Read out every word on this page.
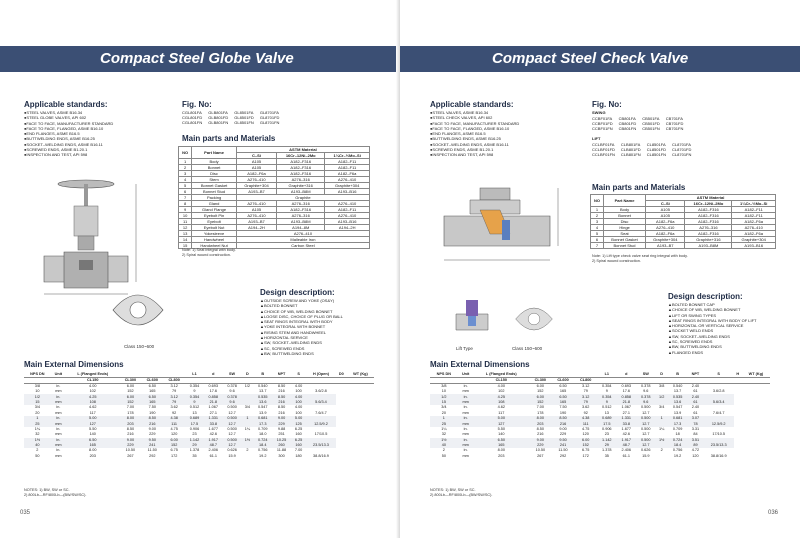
Compact Steel Globe Valve
Applicable standards:
●STEEL VALVES, ASME B16.34
●STEEL GLOBE VALVES, API 602
●FACE TO FACE, MANUFACTURER STANDARD
●FACE TO FACE, FLANGED, ASME B16.10
●END FLANGES, ASME B16.5
●BUTTWELDING ENDS, ASME B16.25
●SOCKET–WELDING ENDS, ASME B16.11
●SCREWED ENDS, ASME B1.20.1
●INSPECTION AND TEST, API 598
Fig. No:
CGL801FA
CGL801FD
CGL801FN
GLB801FA
GLB801FD
GLB801FN
GL8501FA
GL8501FD
GL8501FN
GL8701FA
GL8701FD
GL8701FN
Main parts and Materials
NO	Part Name	ASTM Material		
		C–Si	16Cr–12Ni–2Mo	1¼Cr–½Mo–Si
1	Body	A105	A182–F316	A182–F11
2	Bonnet	A105	A182–F316	A182–F11
3	Disc	A182–F6a	A182–F316	A182–F6a
4	Stem	A276–410	A276–316	A276–410
5	Bonnet Gasket	Graphite+304	Graphite+316	Graphite+304
6	Bonnet Stud	A193–B7	A193–B8M	A193–B16
7	Packing	Graphite		
8	Gland	A276–410	A276–316	A276–410
9	Gland Flange	A105	A182–F316	A182–F11
10	Eyebolt Pin	A276–410	A276–316	A276–410
11	Eyebolt	A193–B7	A193–B8M	A193–B16
12	Eyebolt Nut	A194–2H	A194–8M	A194–2H
13	Yokesleeve	A276–410		
14	Handwheel	Malleable Iron		
15	Handwheel Nut	Carbon Steel		
Note: 1) Seat integral with body.
2) Spiral wound construction.
Class 150~600
Design description:
▲OUTSIDE SCREW AND YOKE (OS&Y)
▲BOLTED BONNET
▲CHOICE OF WB, WELDING BONNET
▲LOOSE DISC, CHOICE OF PLUG OR BALL
▲SEAT RINGS INTEGRAL WITH BODY
▲YOKE INTEGRAL WITH BONNET
▲RISING STEM AND HANDWHEEL
▲HORIZONTAL SERVICE
▲SW, SOCKET–WELDING ENDS
▲SC, SCREWED ENDS
▲BW, BUTTWELDING ENDS
Main External Dimensions
NPS DN	Unit	L (Flanged Ends)				L1	d	SW	D	B	NPT	S	H (Open)	D0	WT (Kg)
		CL150	CL300	CL600	CL800										
3/8	in.	4.00	6.00	6.50	3.12	0.354	0.693	0.378	1/2	0.540	8.50	4.00			
10	mm	102	152	165	79	9	17.6	9.6		13.7	216	100	3.6/2.8		
1/2	in.	4.25	6.00	6.50	3.12	0.354	0.858	0.378		0.535	8.50	4.00			
15	mm	108	152	165	79	9	21.8	9.6		13.6	216	100	5.6/3.4		
3/4	in.	4.62	7.00	7.50	3.62	0.512	1.067	0.500	3/4	0.547	8.50	4.00			
20	mm	117	178	190	92	13	27.1	12.7		13.9	216	100	7.6/4.7		
1	in.	5.00	8.00	8.50	4.38	0.689	1.331	0.500	1	0.681	9.00	5.00			
25	mm	127	203	216	111	17.5	33.8	12.7		17.3	229	125	12.5/9.2		
1¼	in.	5.50	8.50	9.00	4.75	0.906	1.677	0.500	1¼	0.709	9.88	6.25			
32	mm	140	216	229	120	23	42.6	12.7		18.0	251	160	17/10.5		
1½	in.	6.50	9.00	9.50	6.00	1.142	1.917	0.500	1½	0.724	10.25	6.25			
40	mm	165	229	241	152	29	48.7	12.7		18.4	260	160	23.5/13.3		
2	in.	8.00	10.50	11.50	6.75	1.378	2.406	0.626	2	0.756	11.88	7.00			
50	mm	203	267	292	172	35	61.1	15.9		19.2	300	180	38.8/16.9		
NOTES: 1) BW, SW or SC.
2) 800Lb—RF/800Lb—(BW/SW/SC).
035
Compact Steel Check Valve
Applicable standards:
●STEEL VALVES, ASME B16.34
●STEEL CHECK VALVES, API 602
●FACE TO FACE, MANUFACTURER STANDARD
●FACE TO FACE, FLANGED, ASME B16.10
●END FLANGES, ASME B16.5
●BUTTWELDING ENDS, ASME B16.25
●SOCKET–WELDING ENDS, ASME B16.11
●SCREWED ENDS, ASME B1.20.1
●INSPECTION AND TEST, API 598
Fig. No:
SWING
CCBF01FA
CCBF01FD
CCBF01FN
CB801FA
CB801FD
CB801FN
CB501FA
CB501FD
CB501FN
CB701FA
CB701FD
CB701FN
LIFT
CCLBF01FA
CCLBF01FD
CCLBF01FN
CLB801FA
CLB801FD
CLB801FN
CL8501FA
CL8501FD
CL8501FN
CL8701FA
CL8701FD
CL8701FN
Main parts and Materials
NO	Part Name	ASTM Material		
		C–Si	16Cr–12Ni–2Mo	1¼Cr–½Mo–Si
1	Body	A105	A182–F316	A182–F11
2	Bonnet	A105	A182–F316	A182–F11
3	Disc	A182–F6a	A182–F316	A182–F6a
4	Hinge	A276–410	A276–316	A276–410
5	Seat	A182–F6a	A182–F316	A182–F6a
6	Bonnet Gasket	Graphite+304	Graphite+316	Graphite+304
7	Bonnet Stud	A193–B7	A193–B8M	A193–B16
Note: 1) Lift type check valve seat ring integral with body.
2) Spiral wound construction.
Lift Type	Class 150~600
Design description:
▲BOLTED BONNET CAP
▲CHOICE OF WB, WELDING BONNET
▲LIFT OR SWING TYPES
▲SEAT RINGS INTEGRAL WITH BODY OF LIFT
▲HORIZONTAL OR VERTICAL SERVICE
▲SOCKET WELD ENDS
▲SW, SOCKET–WELDING ENDS
▲SC, SCREWED ENDS
▲BW, BUTTWELDING ENDS
▲FLANGED ENDS
Main External Dimensions
NPS DN	Unit	L (Flanged Ends)				L1	d	SW	D	B	NPT	S	H	WT (Kg)
		CL150	CL300	CL600	CL800									
3/8	in.	4.00	6.00	6.50	3.12	0.354	0.693	0.378	3/8	0.540	2.40			
10	mm	102	152	165	79	9	17.6	9.6		13.7	61	3.6/2.8		
1/2	in.	4.25	6.00	6.50	3.12	0.354	0.858	0.378	1/2	0.535	2.40			
15	mm	108	152	165	79	9	21.8	9.6		13.6	61	5.6/3.4		
3/4	in.	4.62	7.00	7.50	3.62	0.512	1.067	0.500	3/4	0.547	2.40			
20	mm	117	178	190	92	13	27.1	12.7		13.9	61	7.6/4.7		
1	in.	5.00	8.00	8.50	4.38	0.689	1.331	0.500	1	0.681	3.07			
25	mm	127	203	216	111	17.5	33.8	12.7		17.3	78	12.5/9.2		
1¼	in.	5.50	8.50	9.00	4.75	0.906	1.677	0.500	1¼	0.709	3.31			
32	mm	140	216	229	120	23	42.6	12.7		18	84	17/10.5		
1½	in.	6.50	9.00	9.50	6.00	1.142	1.917	0.500	1½	0.724	3.51			
40	mm	165	229	241	152	29	48.7	12.7		18.4	89	23.5/13.3		
2	in.	8.00	10.50	11.50	6.75	1.378	2.406	0.626	2	0.756	4.72			
50	mm	203	267	292	172	35	61.1	15.9		19.2	120	38.8/16.9		
NOTES: 1) BW, SW or SC.
2) 800Lb—RF/800Lb—(BW/SW/SC).
036
